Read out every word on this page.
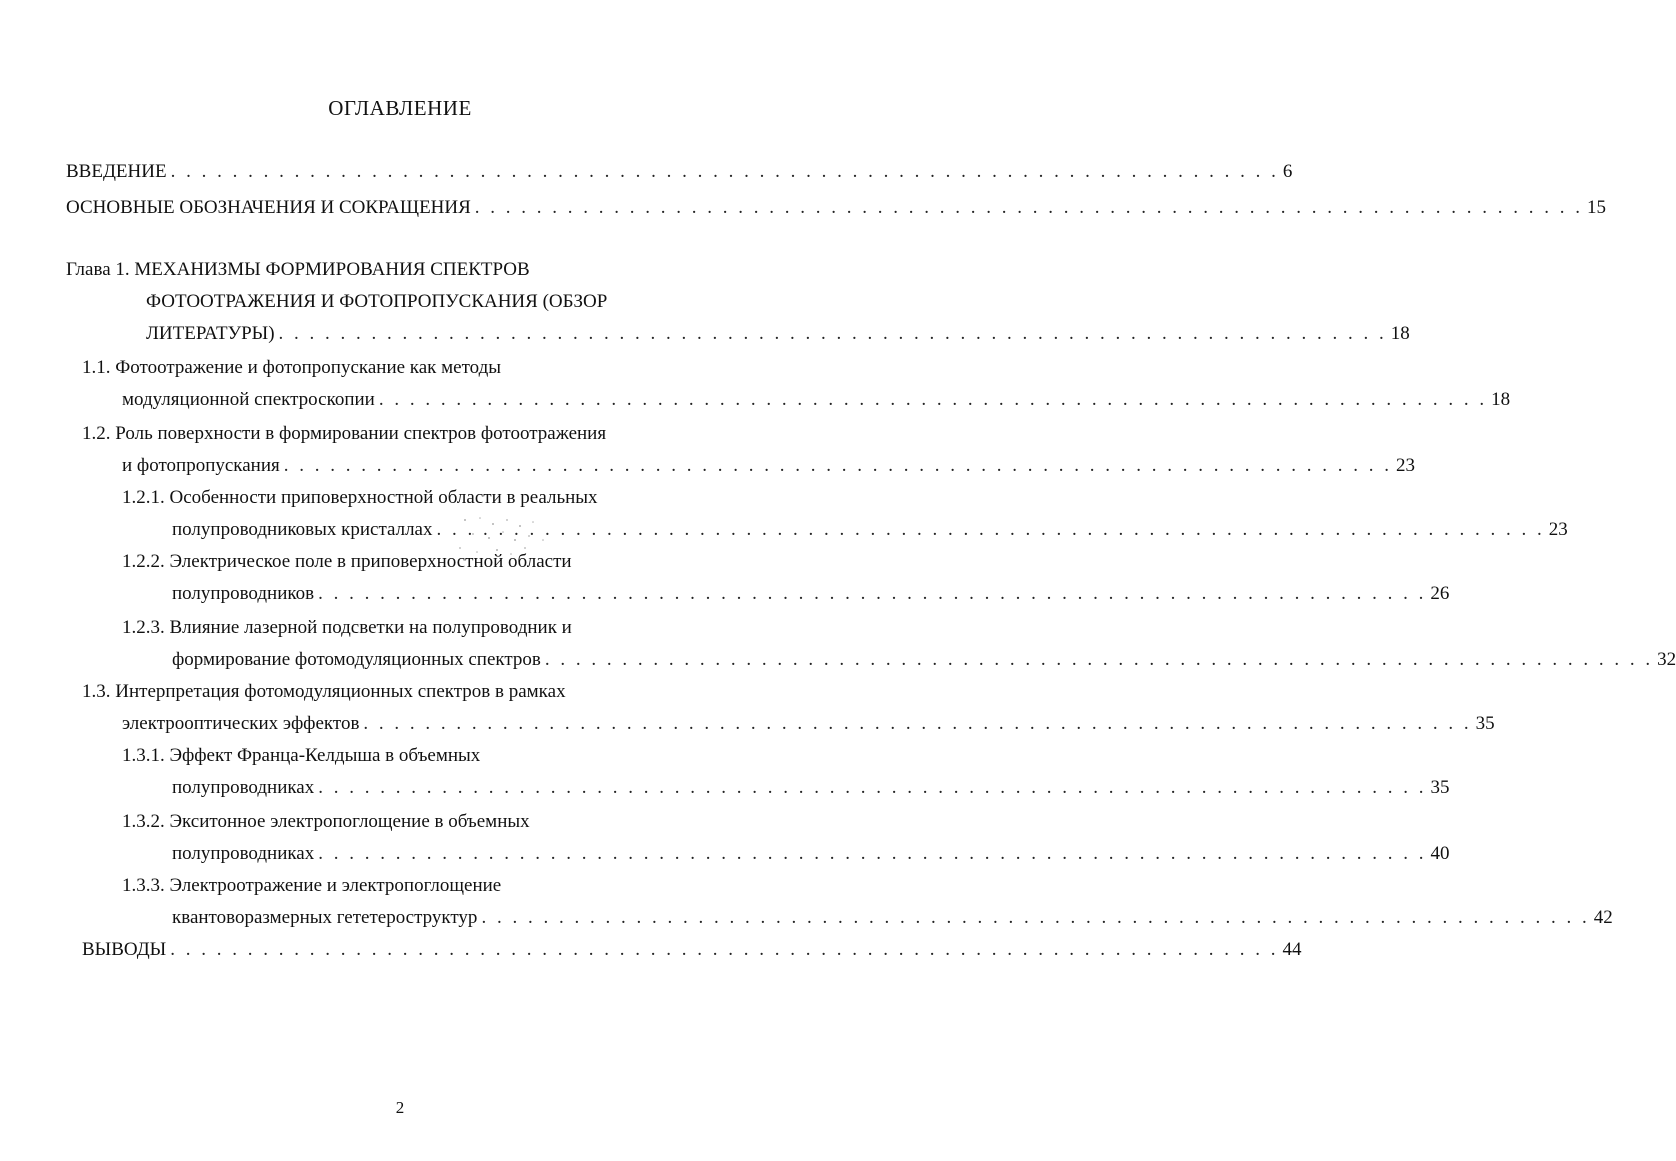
ОГЛАВЛЕНИЕ
ВВЕДЕНИЕ . . . . . . . . . . . . . . . . . . . . . . . . . . . . . . . . . . . . . . . . . . . . . . . . . . . . . . . . . . . . . . . . . . . . . . . . 6
ОСНОВНЫЕ ОБОЗНАЧЕНИЯ И СОКРАЩЕНИЯ . . . . . . . . . . . . . . . . . . . . . . . . . . . . . . . . . . . . . . . . . . . . . . . . . . . . . . . . . . . . . . . . . . . . . . . . 15
Глава 1. МЕХАНИЗМЫ ФОРМИРОВАНИЯ СПЕКТРОВ
ФОТООТРАЖЕНИЯ И ФОТОПРОПУСКАНИЯ (ОБЗОР
ЛИТЕРАТУРЫ) . . . . . . . . . . . . . . . . . . . . . . . . . . . . . . . . . . . . . . . . . . . . . . . . . . . . . . . . . . . . . . . . . . . . . . . . 18
1.1. Фотоотражение и фотопропускание как методы
модуляционной спектроскопии . . . . . . . . . . . . . . . . . . . . . . . . . . . . . . . . . . . . . . . . . . . . . . . . . . . . . . . . . . . . . . . . . . . . . . . . 18
1.2. Роль поверхности в формировании спектров фотоотражения
и фотопропускания . . . . . . . . . . . . . . . . . . . . . . . . . . . . . . . . . . . . . . . . . . . . . . . . . . . . . . . . . . . . . . . . . . . . . . . . 23
1.2.1. Особенности приповерхностной области в реальных
полупроводниковых кристаллах . . . . . . . . . . . . . . . . . . . . . . . . . . . . . . . . . . . . . . . . . . . . . . . . . . . . . . . . . . . . . . . . . . . . . . . . 23
1.2.2. Электрическое поле в приповерхностной области
полупроводников . . . . . . . . . . . . . . . . . . . . . . . . . . . . . . . . . . . . . . . . . . . . . . . . . . . . . . . . . . . . . . . . . . . . . . . . 26
1.2.3. Влияние лазерной подсветки на полупроводник и
формирование фотомодуляционных спектров . . . . . . . . . . . . . . . . . . . . . . . . . . . . . . . . . . . . . . . . . . . . . . . . . . . . . . . . . . . . . . . . . . . . . . . . 32
1.3. Интерпретация фотомодуляционных спектров в рамках
электрооптических эффектов . . . . . . . . . . . . . . . . . . . . . . . . . . . . . . . . . . . . . . . . . . . . . . . . . . . . . . . . . . . . . . . . . . . . . . . . 35
1.3.1. Эффект Франца-Келдыша в объемных
полупроводниках . . . . . . . . . . . . . . . . . . . . . . . . . . . . . . . . . . . . . . . . . . . . . . . . . . . . . . . . . . . . . . . . . . . . . . . . 35
1.3.2. Экситонное электропоглощение в объемных
полупроводниках . . . . . . . . . . . . . . . . . . . . . . . . . . . . . . . . . . . . . . . . . . . . . . . . . . . . . . . . . . . . . . . . . . . . . . . . 40
1.3.3. Электроотражение и электропоглощение
квантоворазмерных гететероструктур . . . . . . . . . . . . . . . . . . . . . . . . . . . . . . . . . . . . . . . . . . . . . . . . . . . . . . . . . . . . . . . . . . . . . . . . 42
ВЫВОДЫ . . . . . . . . . . . . . . . . . . . . . . . . . . . . . . . . . . . . . . . . . . . . . . . . . . . . . . . . . . . . . . . . . . . . . . . . 44
2
